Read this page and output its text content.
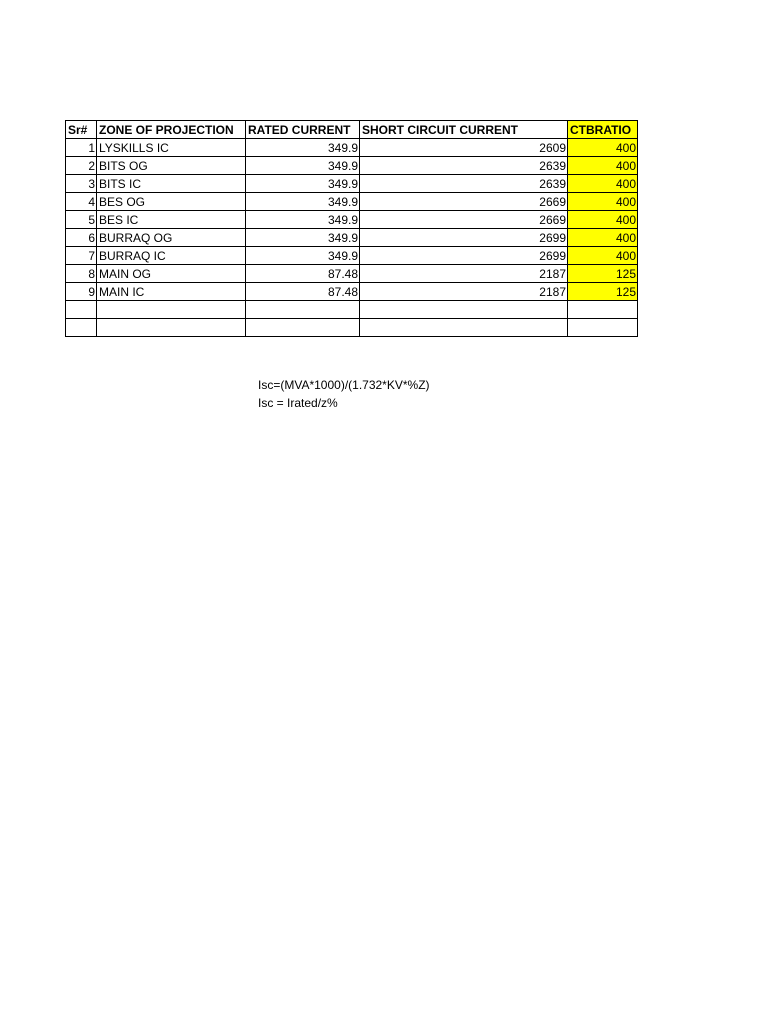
Sr#	ZONE OF PROJECTION	RATED CURRENT	SHORT CIRCUIT CURRENT	CTBRATIO
1	LYSKILLS IC	349.9	2609	400
2	BITS OG	349.9	2639	400
3	BITS IC	349.9	2639	400
4	BES OG	349.9	2669	400
5	BES IC	349.9	2669	400
6	BURRAQ OG	349.9	2699	400
7	BURRAQ IC	349.9	2699	400
8	MAIN OG	87.48	2187	125
9	MAIN IC	87.48	2187	125

Isc=(MVA*1000)/(1.732*KV*%Z)
Isc = Irated/z%
